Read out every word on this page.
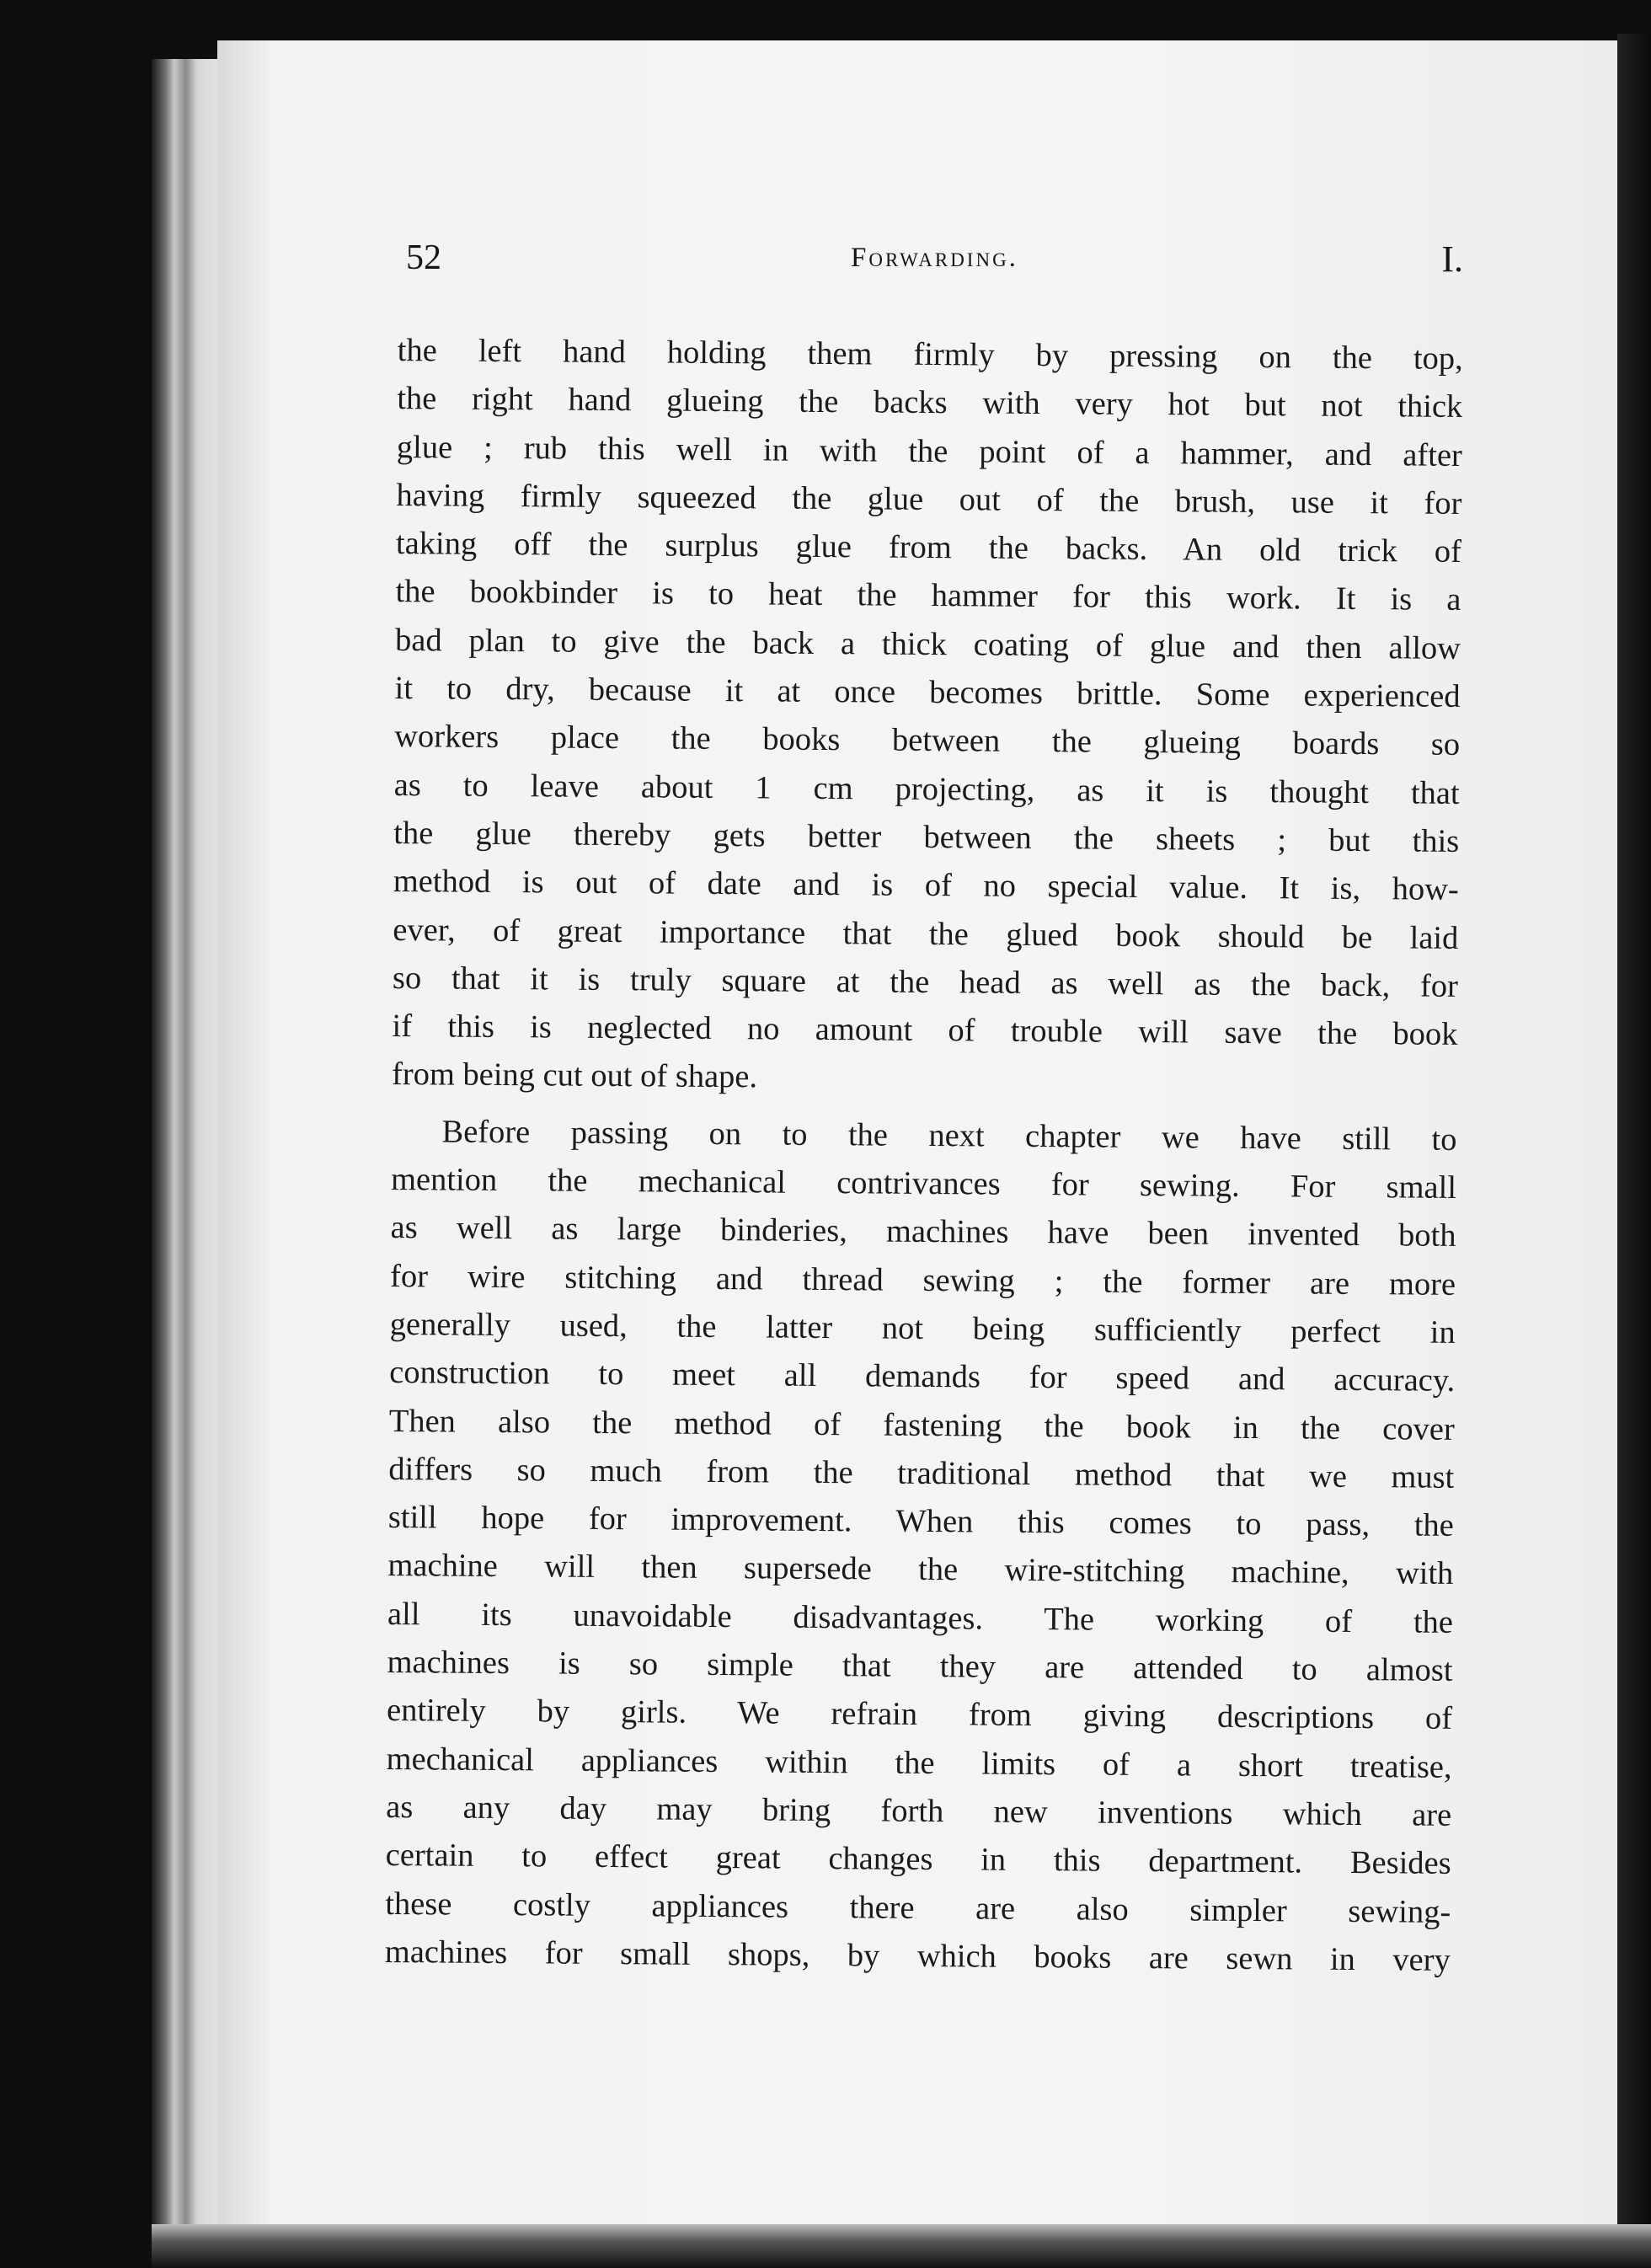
52	Forwarding.	I.
the left hand holding them firmly by pressing on the top,
the right hand glueing the backs with very hot but not thick
glue ; rub this well in with the point of a hammer, and after
having firmly squeezed the glue out of the brush, use it for
taking off the surplus glue from the backs. An old trick of
the bookbinder is to heat the hammer for this work. It is a
bad plan to give the back a thick coating of glue and then allow
it to dry, because it at once becomes brittle. Some experienced
workers place the books between the glueing boards so
as to leave about 1 cm projecting, as it is thought that
the glue thereby gets better between the sheets ; but this
method is out of date and is of no special value. It is, how-
ever, of great importance that the glued book should be laid
so that it is truly square at the head as well as the back, for
if this is neglected no amount of trouble will save the book
from being cut out of shape.
Before passing on to the next chapter we have still to
mention the mechanical contrivances for sewing. For small
as well as large binderies, machines have been invented both
for wire stitching and thread sewing ; the former are more
generally used, the latter not being sufficiently perfect in
construction to meet all demands for speed and accuracy.
Then also the method of fastening the book in the cover
differs so much from the traditional method that we must
still hope for improvement. When this comes to pass, the
machine will then supersede the wire-stitching machine, with
all its unavoidable disadvantages. The working of the
machines is so simple that they are attended to almost
entirely by girls. We refrain from giving descriptions of
mechanical appliances within the limits of a short treatise,
as any day may bring forth new inventions which are
certain to effect great changes in this department. Besides
these costly appliances there are also simpler sewing-
machines for small shops, by which books are sewn in very
